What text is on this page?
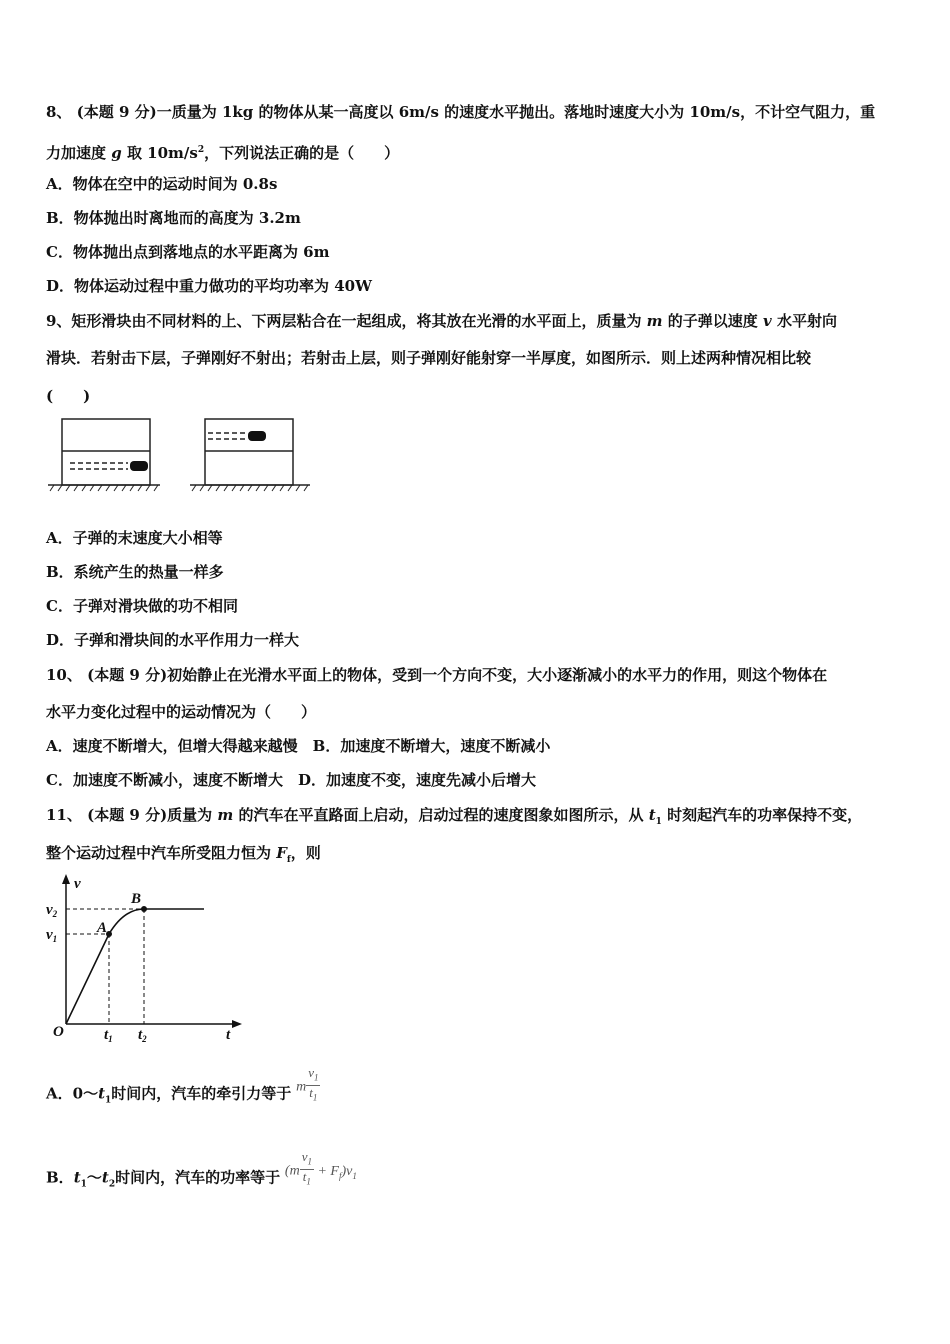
8、 (本题 9 分)一质量为 1kg 的物体从某一高度以 6m/s 的速度水平抛出。落地时速度大小为 10m/s，不计空气阻力，重
力加速度 g 取 $10m/s^2$，下列说法正确的是（　　）
A．物体在空中的运动时间为 0.8s
B．物体抛出时离地而的高度为 3.2m
C．物体抛出点到落地点的水平距离为 6m
D．物体运动过程中重力做功的平均功率为 40W
9、矩形滑块由不同材料的上、下两层粘合在一起组成，将其放在光滑的水平面上，质量为 m 的子弹以速度 v 水平射向
滑块．若射击下层，子弹刚好不射出；若射击上层，则子弹刚好能射穿一半厚度，如图所示．则上述两种情况相比较
(　　)
A．子弹的末速度大小相等
B．系统产生的热量一样多
C．子弹对滑块做的功不相同
D．子弹和滑块间的水平作用力一样大
10、 (本题 9 分)初始静止在光滑水平面上的物体，受到一个方向不变，大小逐渐减小的水平力的作用，则这个物体在
水平力变化过程中的运动情况为（　　）
A．速度不断增大，但增大得越来越慢　B．加速度不断增大，速度不断减小
C．加速度不断减小，速度不断增大　D．加速度不变，速度先减小后增大
11、 (本题 9 分)质量为 m 的汽车在平直路面上启动，启动过程的速度图象如图所示，从 $t_1$ 时刻起汽车的功率保持不变，
整个运动过程中汽车所受阻力恒为 $F_f$，则
v
$v_2$
$v_1$
A
B
O	$t_1$ $t_2$	t
A．$0\sim t_1$时间内，汽车的牵引力等于 m $\frac{v_1}{t_1}$
B．$t_1\sim t_2$时间内，汽车的功率等于 $(m \frac{v_1}{t_1} + F_f)v_1$
